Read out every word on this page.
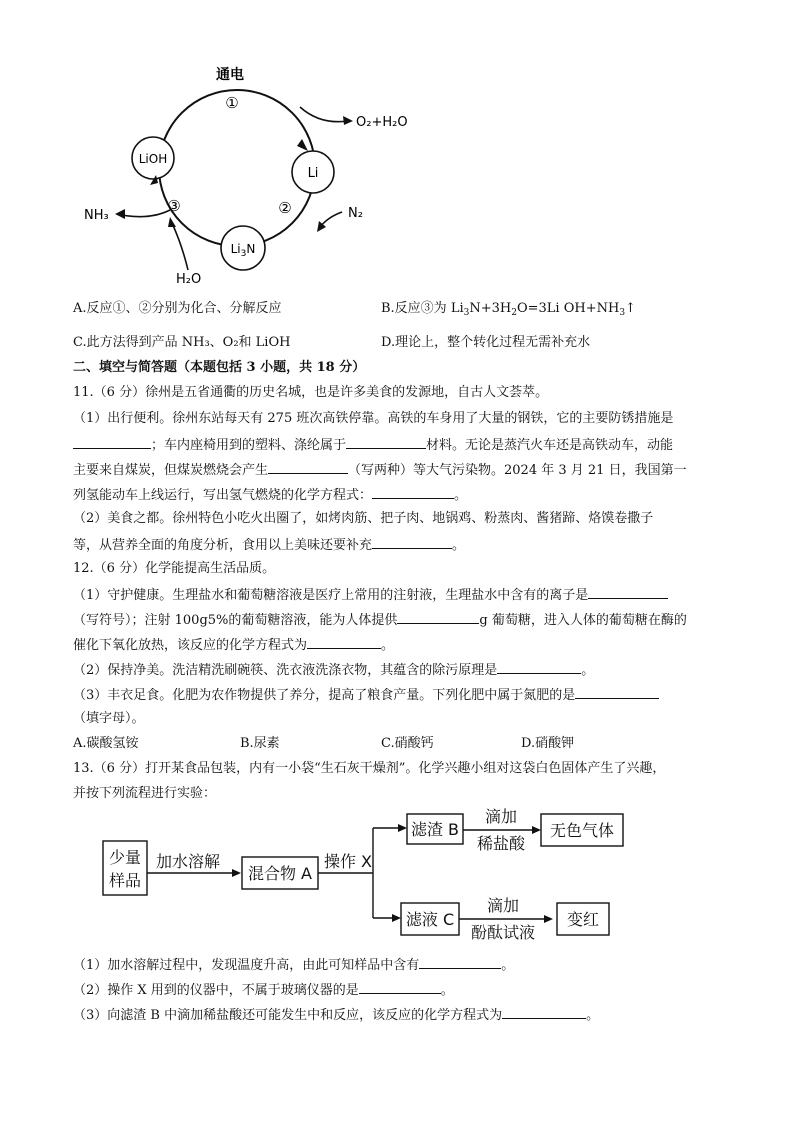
LiOH
Li
$Li_3N$
通电
①
②
③
O₂+H₂O
N₂
NH₃
H₂O
A.反应①、②分别为化合、分解反应	B.反应③为 $Li_3N+3H_2O=3Li$ $OH+NH_3↑$
C.此方法得到产品 NH₃、O₂和 LiOH	D.理论上，整个转化过程无需补充水
二、填空与简答题（本题包括 3 小题，共 18 分）
11.（6 分）徐州是五省通衢的历史名城，也是许多美食的发源地，自古人文荟萃。
（1）出行便利。徐州东站每天有 275 班次高铁停靠。高铁的车身用了大量的钢铁，它的主要防锈措施是
；车内座椅用到的塑料、涤纶属于	材料。无论是蒸汽火车还是高铁动车，动能
主要来自煤炭，但煤炭燃烧会产生	（写两种）等大气污染物。2024 年 3 月 21 日，我国第一
列氢能动车上线运行，写出氢气燃烧的化学方程式：	。
（2）美食之都。徐州特色小吃火出圈了，如烤肉筋、把子肉、地锅鸡、粉蒸肉、酱猪蹄、烙馍卷撒子
等，从营养全面的角度分析，食用以上美味还要补充	。
12.（6 分）化学能提高生活品质。
（1）守护健康。生理盐水和葡萄糖溶液是医疗上常用的注射液，生理盐水中含有的离子是
（写符号）；注射 100g5%的葡萄糖溶液，能为人体提供	g 葡萄糖，进入人体的葡萄糖在酶的
催化下氧化放热，该反应的化学方程式为	。
（2）保持净美。洗洁精洗刷碗筷、洗衣液洗涤衣物，其蕴含的除污原理是	。
（3）丰衣足食。化肥为农作物提供了养分，提高了粮食产量。下列化肥中属于氮肥的是
（填字母）。
A.碳酸氢铵	B.尿素	C.硝酸钙	D.硝酸钾
13.（6 分）打开某食品包装，内有一小袋“生石灰干燥剂”。化学兴趣小组对这袋白色固体产生了兴趣，
并按下列流程进行实验：
少量
样品
加水溶解
混合物 A
操作 X
滤渣 B
滴加
稀盐酸
无色气体
滤液 C
滴加
酚酞试液
变红
（1）加水溶解过程中，发现温度升高，由此可知样品中含有	。
（2）操作 X 用到的仪器中，不属于玻璃仪器的是	。
（3）向滤渣 B 中滴加稀盐酸还可能发生中和反应，该反应的化学方程式为	。
